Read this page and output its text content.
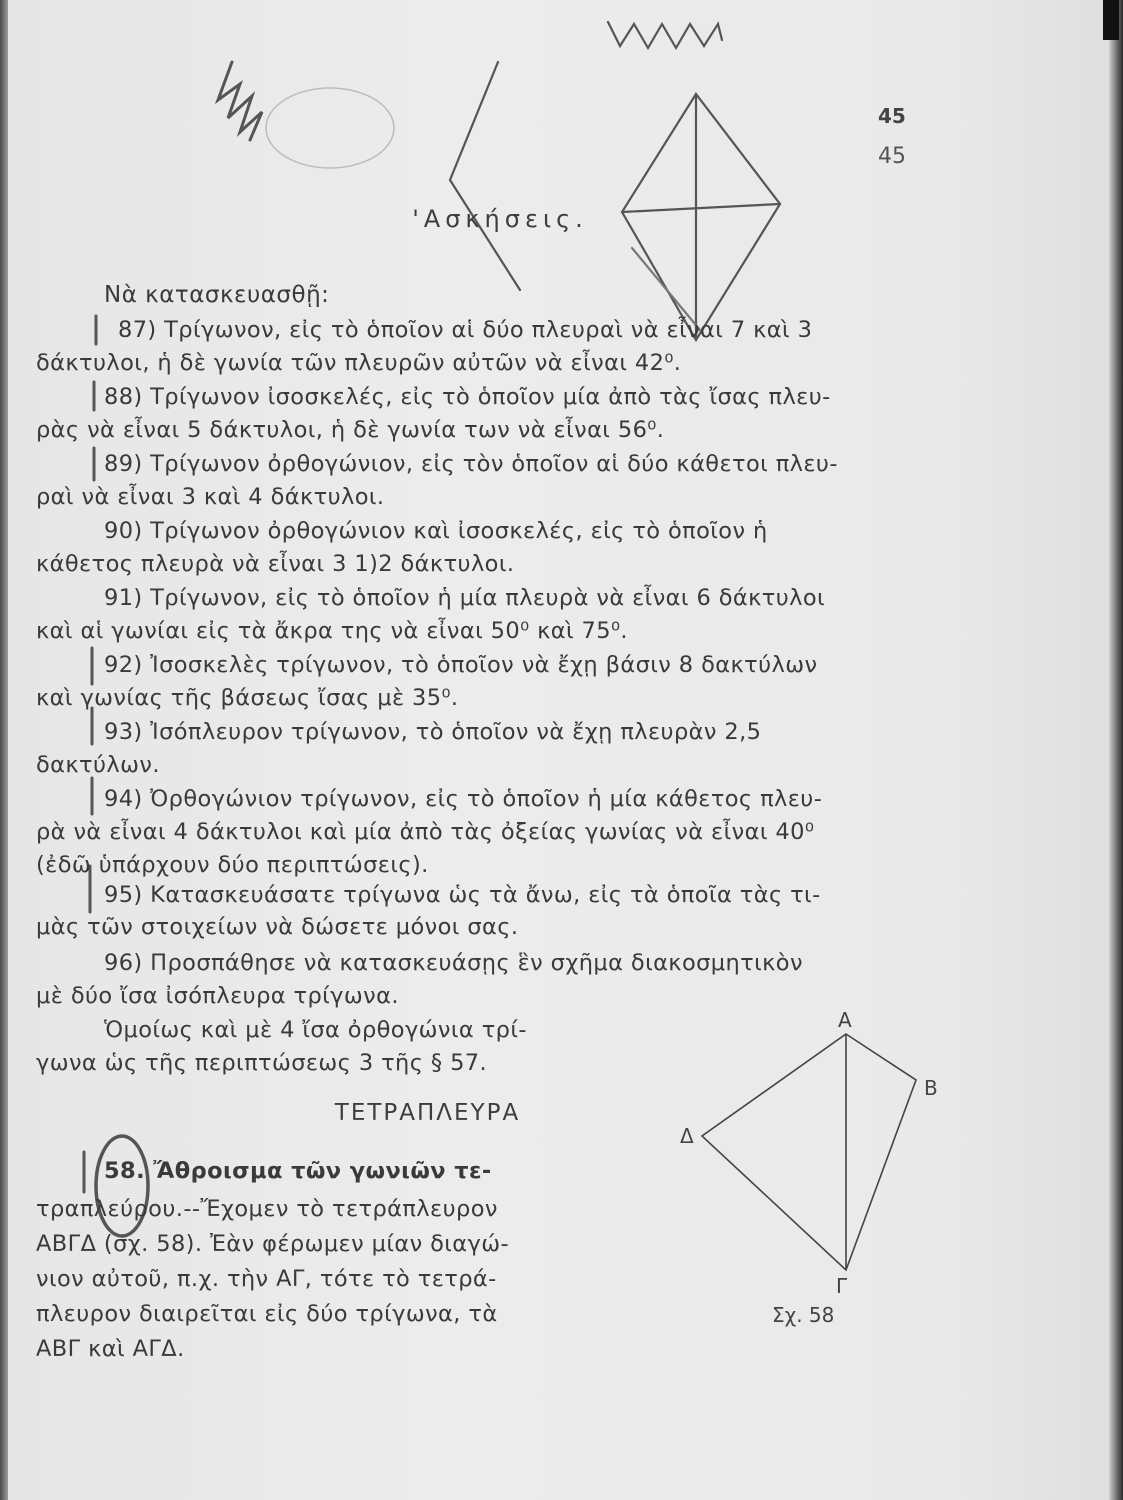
45
45
'Ασκήσεις.
Νὰ κατασκευασθῇ:
87) Τρίγωνον, εἰς τὸ ὁποῖον αἱ δύο πλευραὶ νὰ εἶναι 7 καὶ 3
δάκτυλοι, ἡ δὲ γωνία τῶν πλευρῶν αὐτῶν νὰ εἶναι 42⁰.
88) Τρίγωνον ἰσοσκελές, εἰς τὸ ὁποῖον μία ἀπὸ τὰς ἴσας πλευ-
ρὰς νὰ εἶναι 5 δάκτυλοι, ἡ δὲ γωνία των νὰ εἶναι 56⁰.
89) Τρίγωνον ὀρθογώνιον, εἰς τὸν ὁποῖον αἱ δύο κάθετοι πλευ-
ραὶ νὰ εἶναι 3 καὶ 4 δάκτυλοι.
90) Τρίγωνον ὀρθογώνιον καὶ ἰσοσκελές, εἰς τὸ ὁποῖον ἡ
κάθετος πλευρὰ νὰ εἶναι 3 1)2 δάκτυλοι.
91) Τρίγωνον, εἰς τὸ ὁποῖον ἡ μία πλευρὰ νὰ εἶναι 6 δάκτυλοι
καὶ αἱ γωνίαι εἰς τὰ ἄκρα της νὰ εἶναι 50⁰ καὶ 75⁰.
92) Ἰσοσκελὲς τρίγωνον, τὸ ὁποῖον νὰ ἔχῃ βάσιν 8 δακτύλων
καὶ γωνίας τῆς βάσεως ἴσας μὲ 35⁰.
93) Ἰσόπλευρον τρίγωνον, τὸ ὁποῖον νὰ ἔχῃ πλευρὰν 2,5
δακτύλων.
94) Ὀρθογώνιον τρίγωνον, εἰς τὸ ὁποῖον ἡ μία κάθετος πλευ-
ρὰ νὰ εἶναι 4 δάκτυλοι καὶ μία ἀπὸ τὰς ὀξείας γωνίας νὰ εἶναι 40⁰
(ἐδῶ ὑπάρχουν δύο περιπτώσεις).
95) Κατασκευάσατε τρίγωνα ὡς τὰ ἄνω, εἰς τὰ ὁποῖα τὰς τι-
μὰς τῶν στοιχείων νὰ δώσετε μόνοι σας.
96) Προσπάθησε νὰ κατασκευάσῃς ἓν σχῆμα διακοσμητικὸν
μὲ δύο ἴσα ἰσόπλευρα τρίγωνα.
Ὁμοίως καὶ μὲ 4 ἴσα ὀρθογώνια τρί-
γωνα ὡς τῆς περιπτώσεως 3 τῆς § 57.
ΤΕΤΡΑΠΛΕΥΡΑ
58. Ἄθροισμα τῶν γωνιῶν τε-
τραπλεύρου.--Ἔχομεν τὸ τετράπλευρον
ΑΒΓΔ (σχ. 58). Ἐὰν φέρωμεν μίαν διαγώ-
νιον αὐτοῦ, π.χ. τὴν ΑΓ, τότε τὸ τετρά-
πλευρον διαιρεῖται εἰς δύο τρίγωνα, τὰ
ΑΒΓ καὶ ΑΓΔ.
Α
Β
Γ
Δ
Σχ. 58
